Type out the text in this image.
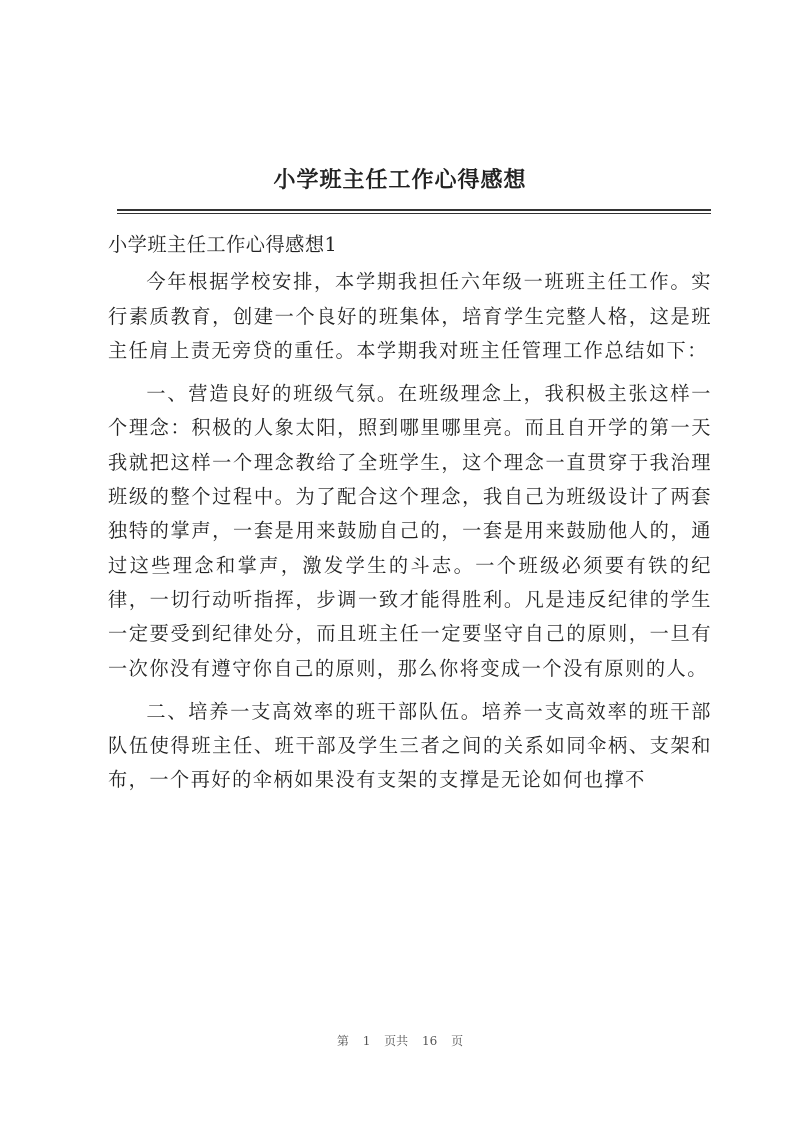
小学班主任工作心得感想

小学班主任工作心得感想1

今年根据学校安排，本学期我担任六年级一班班主任工作。实行素质教育，创建一个良好的班集体，培育学生完整人格，这是班主任肩上责无旁贷的重任。本学期我对班主任管理工作总结如下：

一、营造良好的班级气氛。在班级理念上，我积极主张这样一个理念：积极的人象太阳，照到哪里哪里亮。而且自开学的第一天我就把这样一个理念教给了全班学生，这个理念一直贯穿于我治理班级的整个过程中。为了配合这个理念，我自己为班级设计了两套独特的掌声，一套是用来鼓励自己的，一套是用来鼓励他人的，通过这些理念和掌声，激发学生的斗志。一个班级必须要有铁的纪律，一切行动听指挥，步调一致才能得胜利。凡是违反纪律的学生一定要受到纪律处分，而且班主任一定要坚守自己的原则，一旦有一次你没有遵守你自己的原则，那么你将变成一个没有原则的人。

二、培养一支高效率的班干部队伍。培养一支高效率的班干部队伍使得班主任、班干部及学生三者之间的关系如同伞柄、支架和布，一个再好的伞柄如果没有支架的支撑是无论如何也撑不

第 1 页共 16 页
